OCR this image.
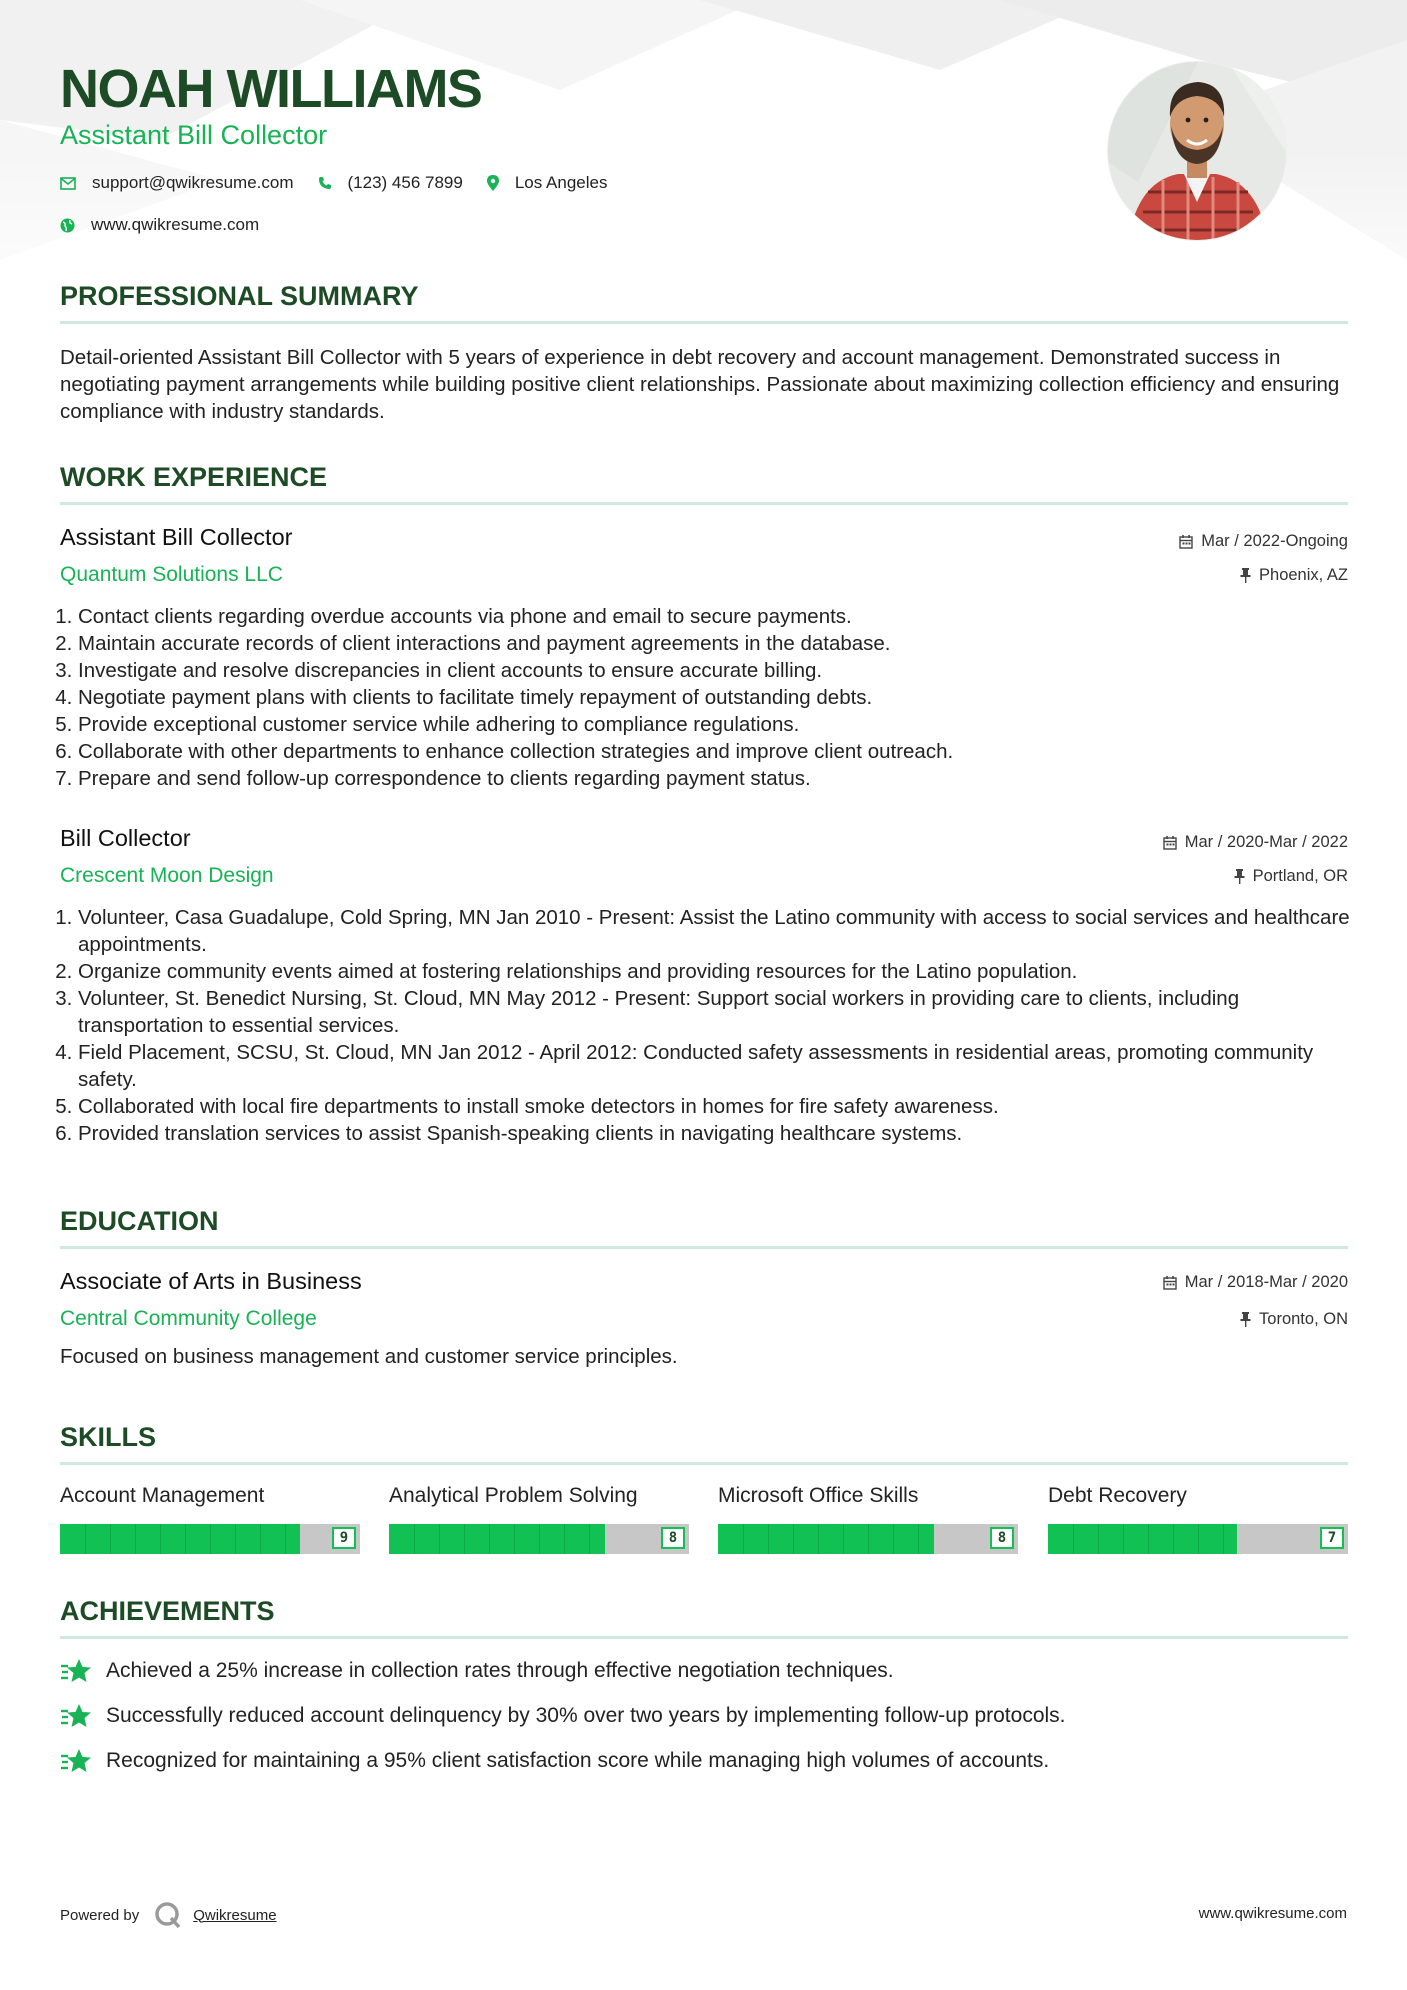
NOAH WILLIAMS
Assistant Bill Collector
support@qwikresume.com	(123) 456 7899	Los Angeles
www.qwikresume.com
PROFESSIONAL SUMMARY
Detail-oriented Assistant Bill Collector with 5 years of experience in debt recovery and account management. Demonstrated success in negotiating payment arrangements while building positive client relationships. Passionate about maximizing collection efficiency and ensuring compliance with industry standards.
WORK EXPERIENCE
Assistant Bill Collector	Mar / 2022-Ongoing
Quantum Solutions LLC	Phoenix, AZ
1. Contact clients regarding overdue accounts via phone and email to secure payments.
2. Maintain accurate records of client interactions and payment agreements in the database.
3. Investigate and resolve discrepancies in client accounts to ensure accurate billing.
4. Negotiate payment plans with clients to facilitate timely repayment of outstanding debts.
5. Provide exceptional customer service while adhering to compliance regulations.
6. Collaborate with other departments to enhance collection strategies and improve client outreach.
7. Prepare and send follow-up correspondence to clients regarding payment status.
Bill Collector	Mar / 2020-Mar / 2022
Crescent Moon Design	Portland, OR
1. Volunteer, Casa Guadalupe, Cold Spring, MN Jan 2010 - Present: Assist the Latino community with access to social services and healthcare appointments.
2. Organize community events aimed at fostering relationships and providing resources for the Latino population.
3. Volunteer, St. Benedict Nursing, St. Cloud, MN May 2012 - Present: Support social workers in providing care to clients, including transportation to essential services.
4. Field Placement, SCSU, St. Cloud, MN Jan 2012 - April 2012: Conducted safety assessments in residential areas, promoting community safety.
5. Collaborated with local fire departments to install smoke detectors in homes for fire safety awareness.
6. Provided translation services to assist Spanish-speaking clients in navigating healthcare systems.
EDUCATION
Associate of Arts in Business	Mar / 2018-Mar / 2020
Central Community College	Toronto, ON
Focused on business management and customer service principles.
SKILLS
Account Management
9
Analytical Problem Solving
8
Microsoft Office Skills
8
Debt Recovery
7
ACHIEVEMENTS
Achieved a 25% increase in collection rates through effective negotiation techniques.
Successfully reduced account delinquency by 30% over two years by implementing follow-up protocols.
Recognized for maintaining a 95% client satisfaction score while managing high volumes of accounts.
Powered by	Qwikresume	www.qwikresume.com
